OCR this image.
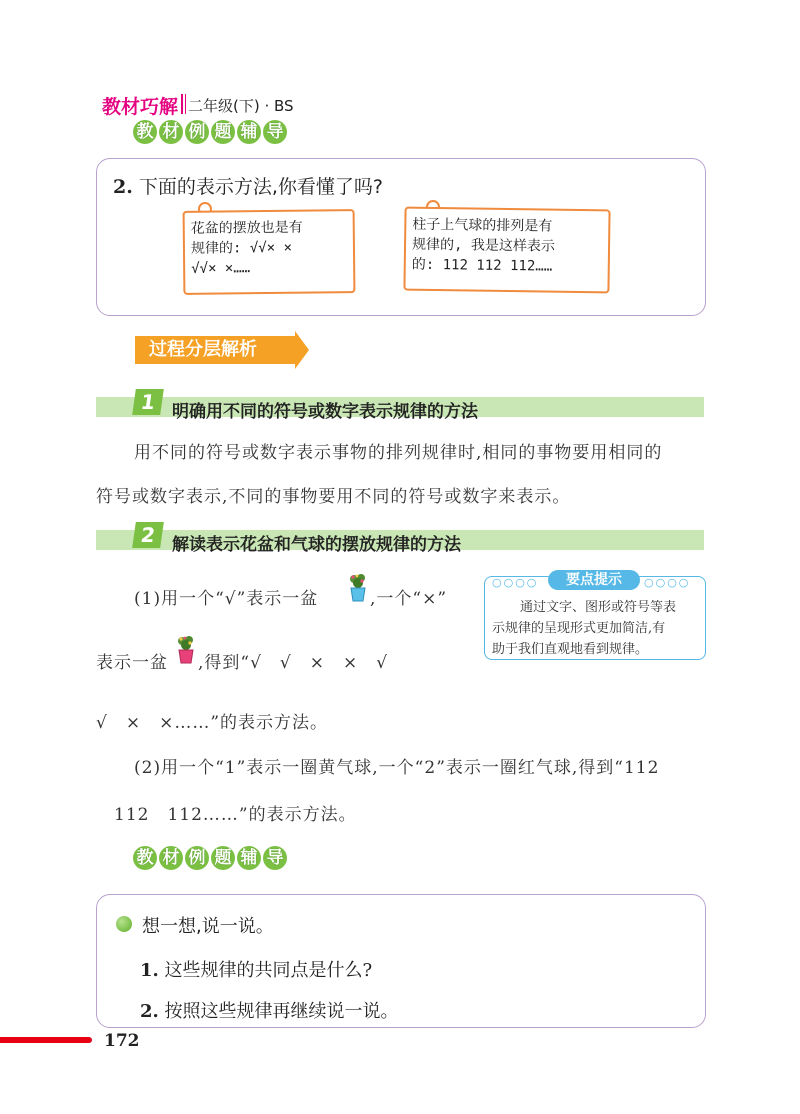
教材巧解 二年级(下) · BS
教 材 例 题 辅 导
2. 下面的表示方法,你看懂了吗?
花盆的摆放也是有
规律的: √√× ×
√√× ×……
柱子上气球的排列是有
规律的, 我是这样表示
的: 112 112 112……
过程分层解析
1 明确用不同的符号或数字表示规律的方法
用不同的符号或数字表示事物的排列规律时,相同的事物要用相同的
符号或数字表示,不同的事物要用不同的符号或数字来表示。
2 解读表示花盆和气球的摆放规律的方法
(1)用一个“√”表示一盆	,一个“×”
表示一盆 ,得到“√　√　×　×　√
√　×　×……”的表示方法。
(2)用一个“1”表示一圈黄气球,一个“2”表示一圈红气球,得到“112
112　112……”的表示方法。
○○○○	要点提示	○○○○
通过文字、图形或符号等表
示规律的呈现形式更加简洁,有
助于我们直观地看到规律。
教 材 例 题 辅 导
想一想,说一说。
1. 这些规律的共同点是什么?
2. 按照这些规律再继续说一说。
172
